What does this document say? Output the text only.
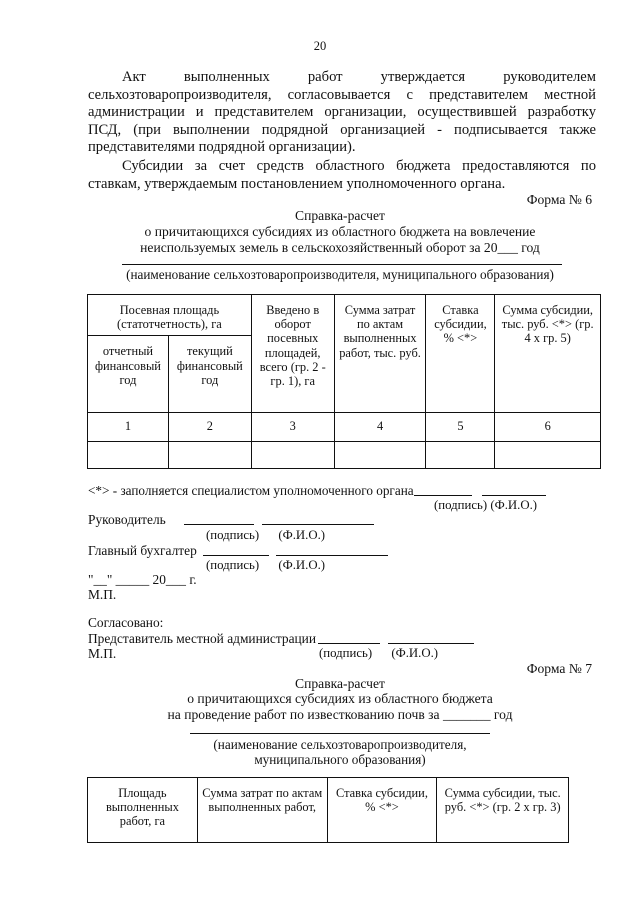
20
Акт выполненных работ утверждается руководителем
сельхозтоваропроизводителя, согласовывается с представителем местной
администрации и представителем организации, осуществившей разработку
ПСД, (при выполнении подрядной организацией - подписывается также
представителями подрядной организации).
Субсидии за счет средств областного бюджета предоставляются по
ставкам, утверждаемым постановлением уполномоченного органа.
Форма № 6
Справка-расчет
о причитающихся субсидиях из областного бюджета на вовлечение
неиспользуемых земель в сельскохозяйственный оборот за 20___ год
(наименование сельхозтоваропроизводителя, муниципального образования)
Посевная площадь (статотчетность), га		Введено в оборот посевных площадей, всего (гр. 2 - гр. 1), га	Сумма затрат по актам выполненных работ, тыс. руб.	Ставка субсидии, % <*>	Сумма субсидии, тыс. руб. <*> (гр. 4 x гр. 5)
отчетный финансовый год	текущий финансовый год				
1	2	3	4	5	6

<*> - заполняется специалистом уполномоченного органа
(подпись) (Ф.И.О.)
Руководитель
(подпись)      (Ф.И.О.)
Главный бухгалтер
(подпись)      (Ф.И.О.)
"__" _____ 20___ г.
М.П.
Согласовано:
Представитель местной администрации
М.П.	(подпись)      (Ф.И.О.)
Форма № 7
Справка-расчет
о причитающихся субсидиях из областного бюджета
на проведение работ по известкованию почв за _______ год
(наименование сельхозтоваропроизводителя,
муниципального образования)
Площадь выполненных работ, га	Сумма затрат по актам выполненных работ,	Ставка субсидии, % <*>	Сумма субсидии, тыс. руб. <*> (гр. 2 x гр. 3)
